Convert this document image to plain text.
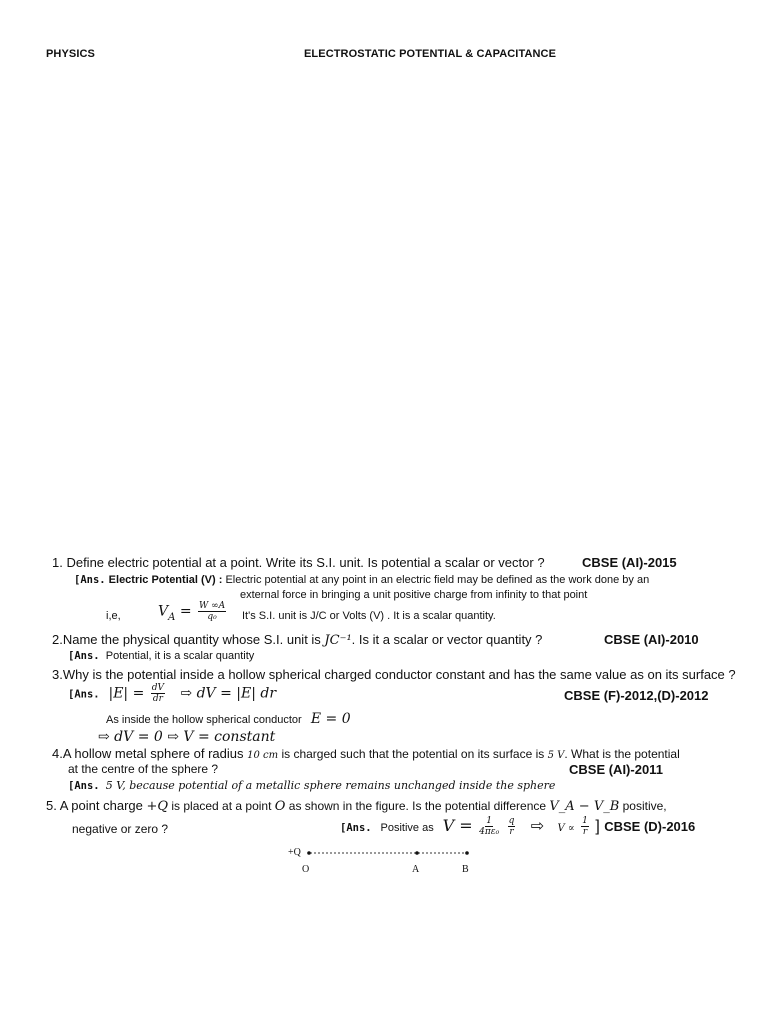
PHYSICS	ELECTROSTATIC POTENTIAL & CAPACITANCE
1. Define electric potential at a point. Write its S.I. unit. Is potential a scalar or vector ?	CBSE (AI)-2015
[Ans. Electric Potential (V) : Electric potential at any point in an electric field may be defined as the work done by an
external force in bringing a unit positive charge from infinity to that point
i,e,	$V_A = \frac{W \infty A}{\text{q₀}} It's$ S.I. unit is J/C or Volts (V) . It is a scalar quantity.
2.Name the physical quantity whose S.I. unit is JC⁻¹. Is it a scalar or vector quantity ?	CBSE (AI)-2010
[Ans. Potential, it is a scalar quantity
3.Why is the potential inside a hollow spherical charged conductor constant and has the same value as on its surface ?
[Ans. $|E| = \frac{dV}{dr}$ ⇨ dV = |E| dr	CBSE (F)-2012,(D)-2012
As inside the hollow spherical conductor E = 0
⇨ dV = 0 ⇨ V = constant
4.A hollow metal sphere of radius 10 cm is charged such that the potential on its surface is 5 V. What is the potential
at the centre of the sphere ?	CBSE (AI)-2011
[Ans. 5 V, because potential of a metallic sphere remains unchanged inside the sphere
5. A point charge +Q is placed at a point O as shown in the figure. Is the potential difference V_A − V_B positive,
negative or zero ?	[Ans. Positive as $V = \frac{1}{\text{4πε₀}}$
$\frac{q}{r}$ ⇨ $V \propto \frac{1}{r}$ ] CBSE (D)-2016
+Q
O	A	B
